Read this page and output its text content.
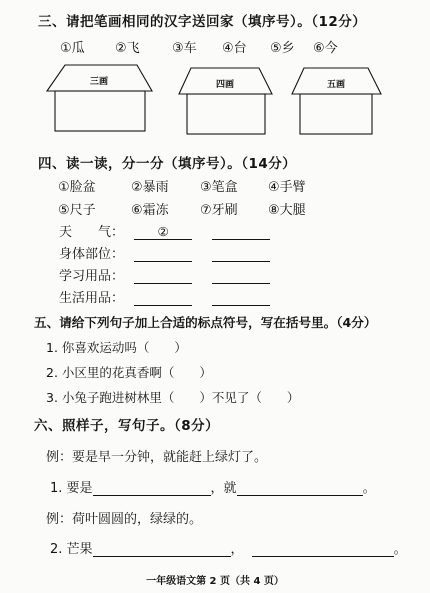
三、请把笔画相同的汉字送回家（填序号）。（12分）
①瓜 ②飞 ③车 ④台 ⑤乡 ⑥今
三画	四画	五画
四、读一读，分一分（填序号）。（14分）
①脸盆	②暴雨 ③笔盒 ④手臂
⑤尺子	⑥霜冻 ⑦牙刷 ⑧大腿
天　　气：	②
身体部位：
学习用品：
生活用品：
五、请给下列句子加上合适的标点符号，写在括号里。（4分）
1. 你喜欢运动吗（　　）
2. 小区里的花真香啊（　　）
3. 小兔子跑进树林里（　　）不见了（　　）
六、照样子，写句子。（8分）
例：要是早一分钟，就能赶上绿灯了。
1. 要是	，就	。
例：荷叶圆圆的，绿绿的。
2. 芒果	，	。
一年级语文第 2 页（共 4 页）
